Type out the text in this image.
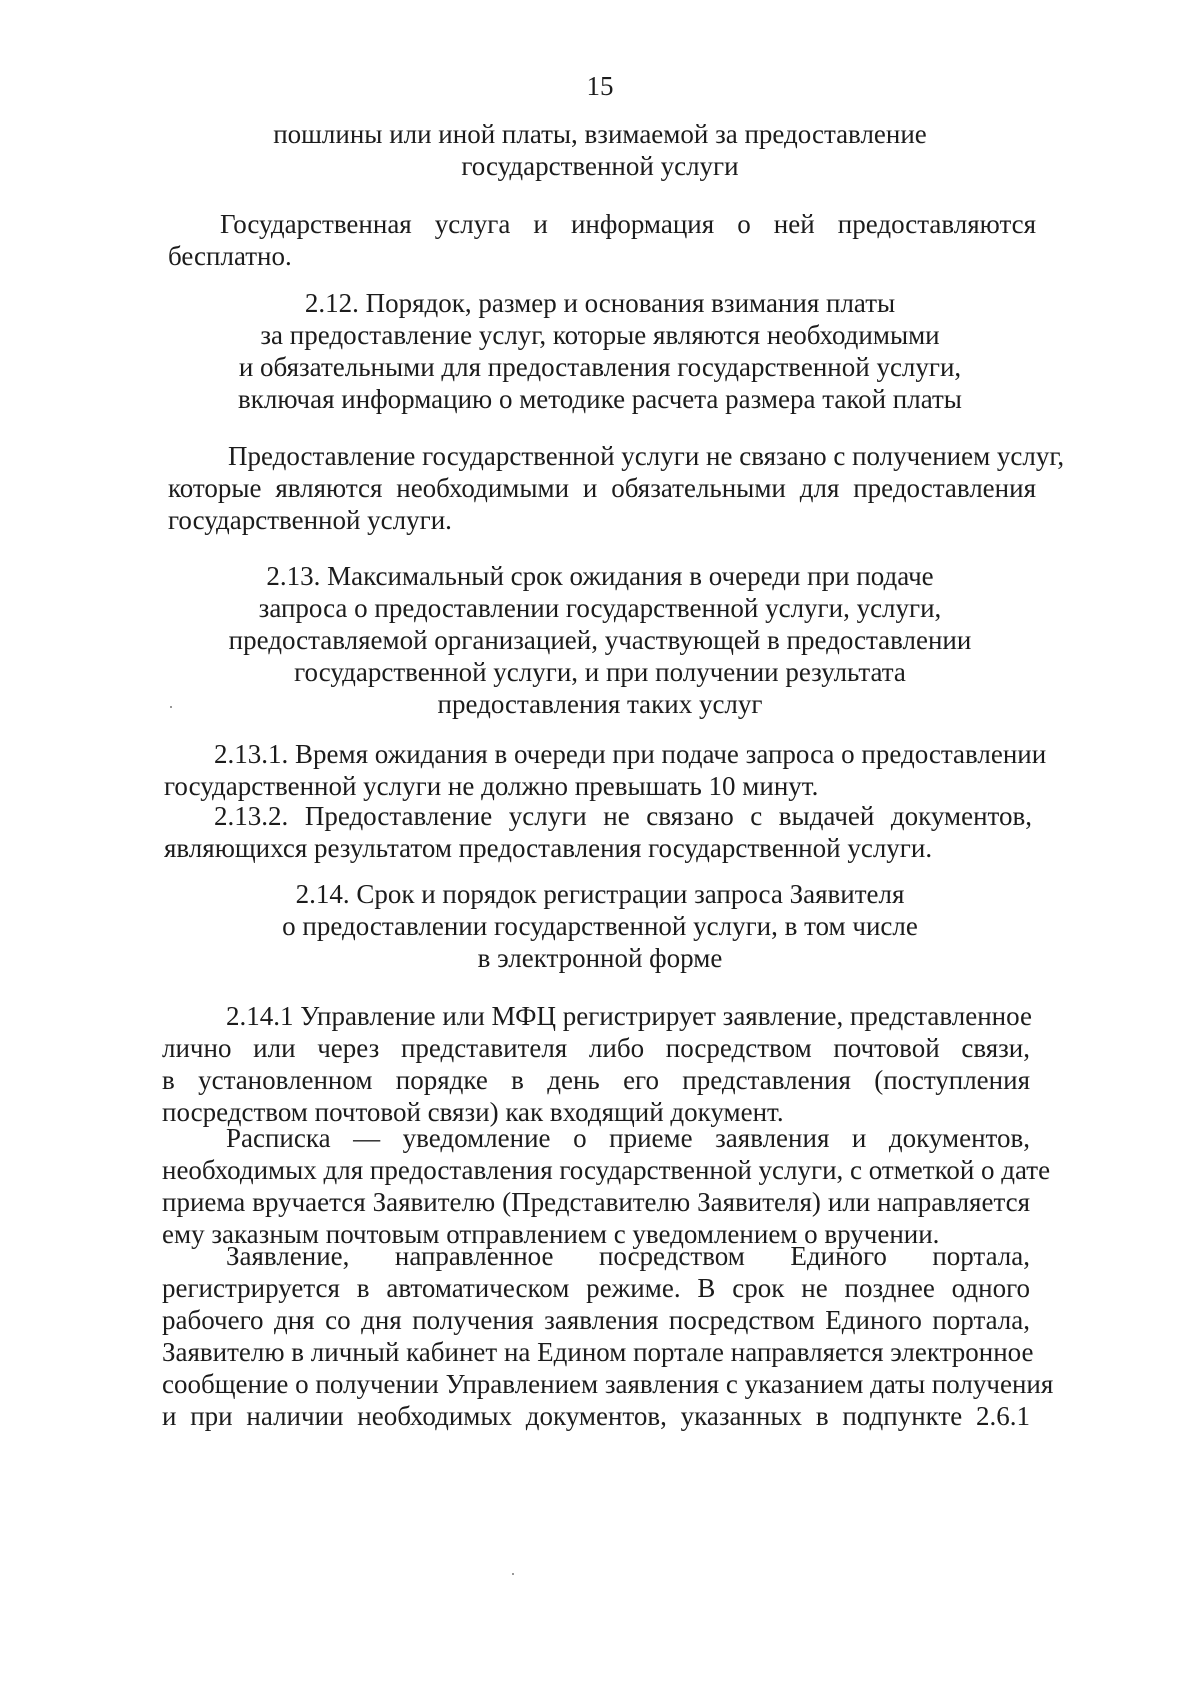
15
пошлины или иной платы, взимаемой за предоставление
государственной услуги
Государственная услуга и информация о ней предоставляются
бесплатно.
2.12. Порядок, размер и основания взимания платы
за предоставление услуг, которые являются необходимыми
и обязательными для предоставления государственной услуги,
включая информацию о методике расчета размера такой платы
Предоставление государственной услуги не связано с получением услуг,
которые являются необходимыми и обязательными для предоставления
государственной услуги.
2.13. Максимальный срок ожидания в очереди при подаче
запроса о предоставлении государственной услуги, услуги,
предоставляемой организацией, участвующей в предоставлении
государственной услуги, и при получении результата
предоставления таких услуг
2.13.1. Время ожидания в очереди при подаче запроса о предоставлении
государственной услуги не должно превышать 10 минут.
2.13.2. Предоставление услуги не связано с выдачей документов,
являющихся результатом предоставления государственной услуги.
2.14. Срок и порядок регистрации запроса Заявителя
о предоставлении государственной услуги, в том числе
в электронной форме
2.14.1 Управление или МФЦ регистрирует заявление, представленное
лично или через представителя либо посредством почтовой связи,
в установленном порядке в день его представления (поступления
посредством почтовой связи) как входящий документ.
Расписка — уведомление о приеме заявления и документов,
необходимых для предоставления государственной услуги, с отметкой о дате
приема вручается Заявителю (Представителю Заявителя) или направляется
ему заказным почтовым отправлением с уведомлением о вручении.
Заявление, направленное посредством Единого портала,
регистрируется в автоматическом режиме. В срок не позднее одного
рабочего дня со дня получения заявления посредством Единого портала,
Заявителю в личный кабинет на Едином портале направляется электронное
сообщение о получении Управлением заявления с указанием даты получения
и при наличии необходимых документов, указанных в подпункте 2.6.1
